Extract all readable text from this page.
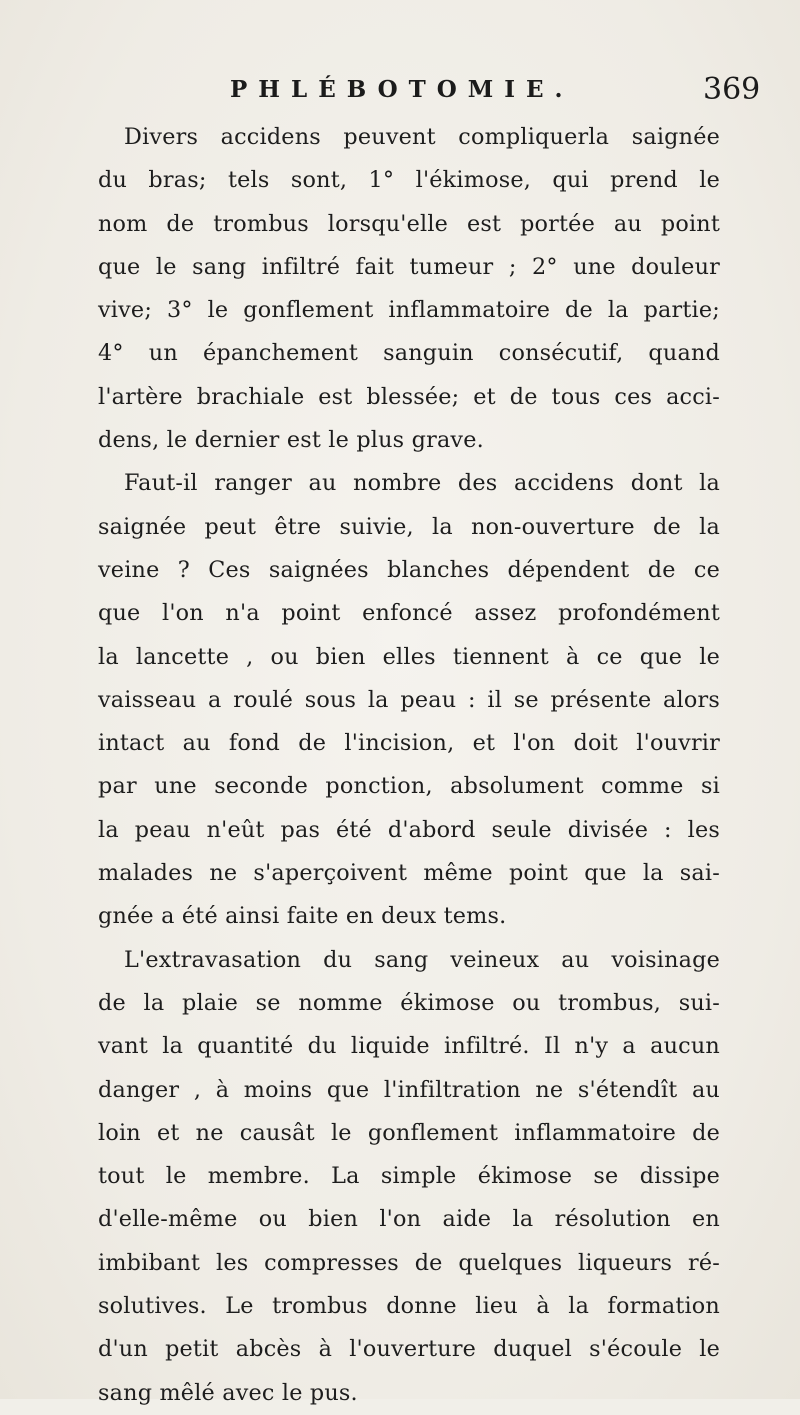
PHLÉBOTOMIE.	369
Divers accidens peuvent compliquerla saignée
du bras; tels sont, 1° l'ékimose, qui prend le
nom de trombus lorsqu'elle est portée au point
que le sang infiltré fait tumeur ; 2° une douleur
vive; 3° le gonflement inflammatoire de la partie;
4° un épanchement sanguin consécutif, quand
l'artère brachiale est blessée; et de tous ces acci-
dens, le dernier est le plus grave.
Faut-il ranger au nombre des accidens dont la
saignée peut être suivie, la non-ouverture de la
veine ? Ces saignées blanches dépendent de ce
que l'on n'a point enfoncé assez profondément
la lancette , ou bien elles tiennent à ce que le
vaisseau a roulé sous la peau : il se présente alors
intact au fond de l'incision, et l'on doit l'ouvrir
par une seconde ponction, absolument comme si
la peau n'eût pas été d'abord seule divisée : les
malades ne s'aperçoivent même point que la sai-
gnée a été ainsi faite en deux tems.
L'extravasation du sang veineux au voisinage
de la plaie se nomme ékimose ou trombus, sui-
vant la quantité du liquide infiltré. Il n'y a aucun
danger , à moins que l'infiltration ne s'étendît au
loin et ne causât le gonflement inflammatoire de
tout le membre. La simple ékimose se dissipe
d'elle-même ou bien l'on aide la résolution en
imbibant les compresses de quelques liqueurs ré-
solutives. Le trombus donne lieu à la formation
d'un petit abcès à l'ouverture duquel s'écoule le
sang mêlé avec le pus.
